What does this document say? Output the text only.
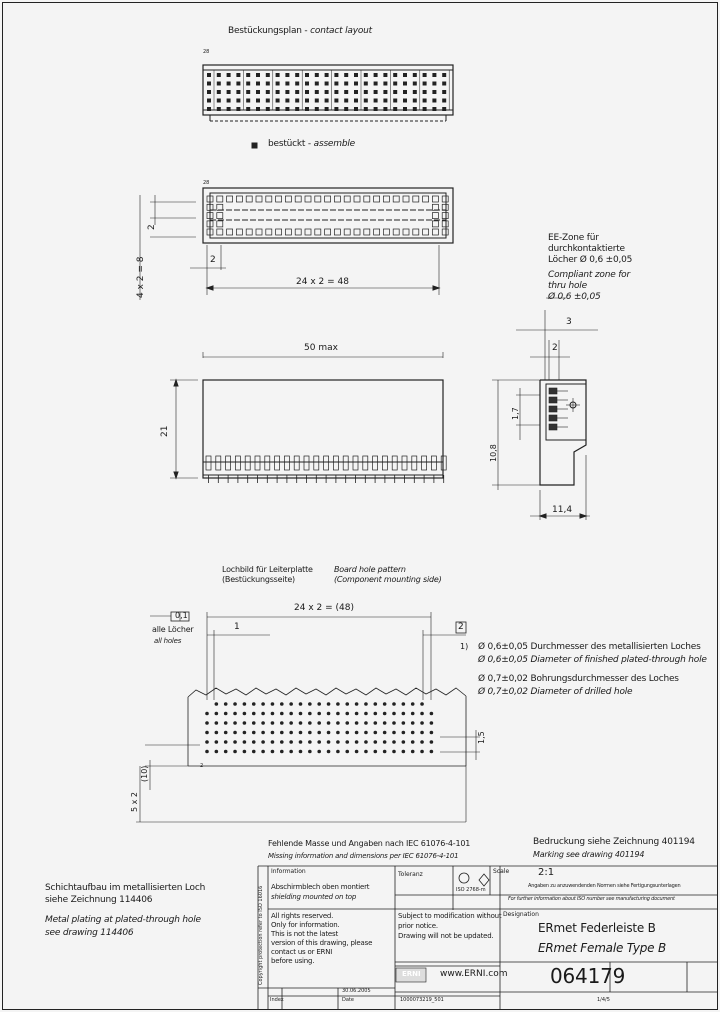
Bestückungsplan - contact layout
28
bestückt - assemble
28
4 x 2 = 8
2
2
24 x 2 = 48
50 max
21
EE-Zone für
durchkontaktierte
Löcher Ø 0,6 ±0,05
Compliant zone for
thru hole
Ø 0,6 ±0,05
3
2
1,7
10,8
11,4
Lochbild für Leiterplatte
(Bestückungsseite)
Board hole pattern
(Component mounting side)
0,1
alle Löcher
all holes
24 x 2 = (48)
1	2
1,5
(10)
5 x 2
2
1) Ø 0,6±0,05 Durchmesser des metallisierten Loches
Ø 0,6±0,05 Diameter of finished plated-through hole
Ø 0,7±0,02 Bohrungsdurchmesser des Loches
Ø 0,7±0,02 Diameter of drilled hole
Fehlende Masse und Angaben nach IEC 61076-4-101
Missing information and dimensions per IEC 61076-4-101
Bedruckung siehe Zeichnung 401194
Marking see drawing 401194
Schichtaufbau im metallisierten Loch
siehe Zeichnung 114406
Metal plating at plated-through hole
see drawing 114406	Copyright protection refer to ISO 16016
Information
Abschirmblech oben montiert
shielding mounted on top
Toleranz
ISO 2768-m
Scale	2:1
Angaben zu anzuwendenden Normen siehe Fertigungsunterlagen
For further information about ISO number see manufacturing document
All rights reserved.
Only for information.
This is not the latest
version of this drawing, please
contact us or ERNI
before using.
Subject to modification without
prior notice.
Drawing will not be updated.
Designation
ERmet Federleiste B
ERmet Female Type B
ERNI www.ERNI.com 064179
1/4/5
Index
30.06.2005
Date	1000073219_501
